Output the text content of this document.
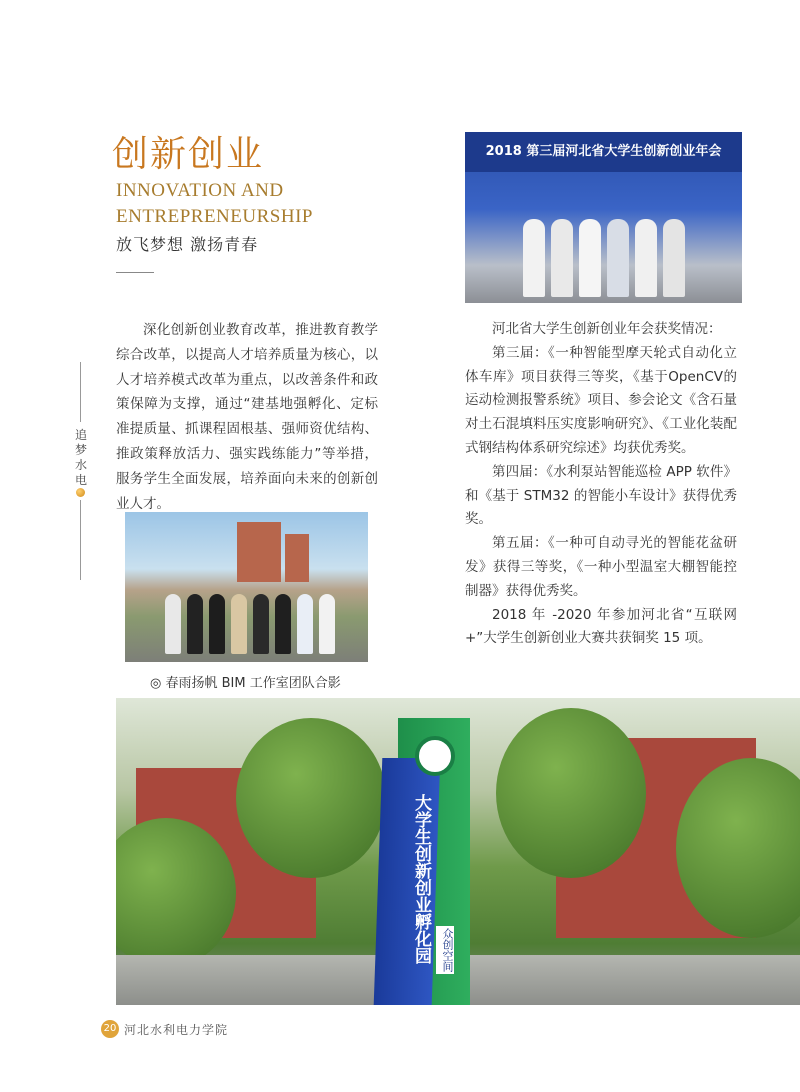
创新创业
INNOVATION AND
ENTREPRENEURSHIP
放飞梦想 激扬青春
追梦水电
深化创新创业教育改革，推进教育教学综合改革，以提高人才培养质量为核心，以人才培养模式改革为重点，以改善条件和政策保障为支撑，通过“建基地强孵化、定标准提质量、抓课程固根基、强师资优结构、推政策释放活力、强实践练能力”等举措，服务学生全面发展，培养面向未来的创新创业人才。
2018 第三届河北省大学生创新创业年会

河北省大学生创新创业年会获奖情况：

第三届：《一种智能型摩天轮式自动化立体车库》项目获得三等奖，《基于OpenCV的运动检测报警系统》项目、参会论文《含石量对土石混填料压实度影响研究》、《工业化装配式钢结构体系研究综述》均获优秀奖。

第四届：《水利泵站智能巡检 APP 软件》和《基于 STM32 的智能小车设计》获得优秀奖。

第五届：《一种可自动寻光的智能花盆研发》获得三等奖，《一种小型温室大棚智能控制器》获得优秀奖。

2018 年 -2020 年参加河北省“互联网 +”大学生创新创业大赛共获铜奖 15 项。

◎ 春雨扬帆 BIM 工作室团队合影
大学生创新创业孵化园 众创空间
20 河北水利电力学院
